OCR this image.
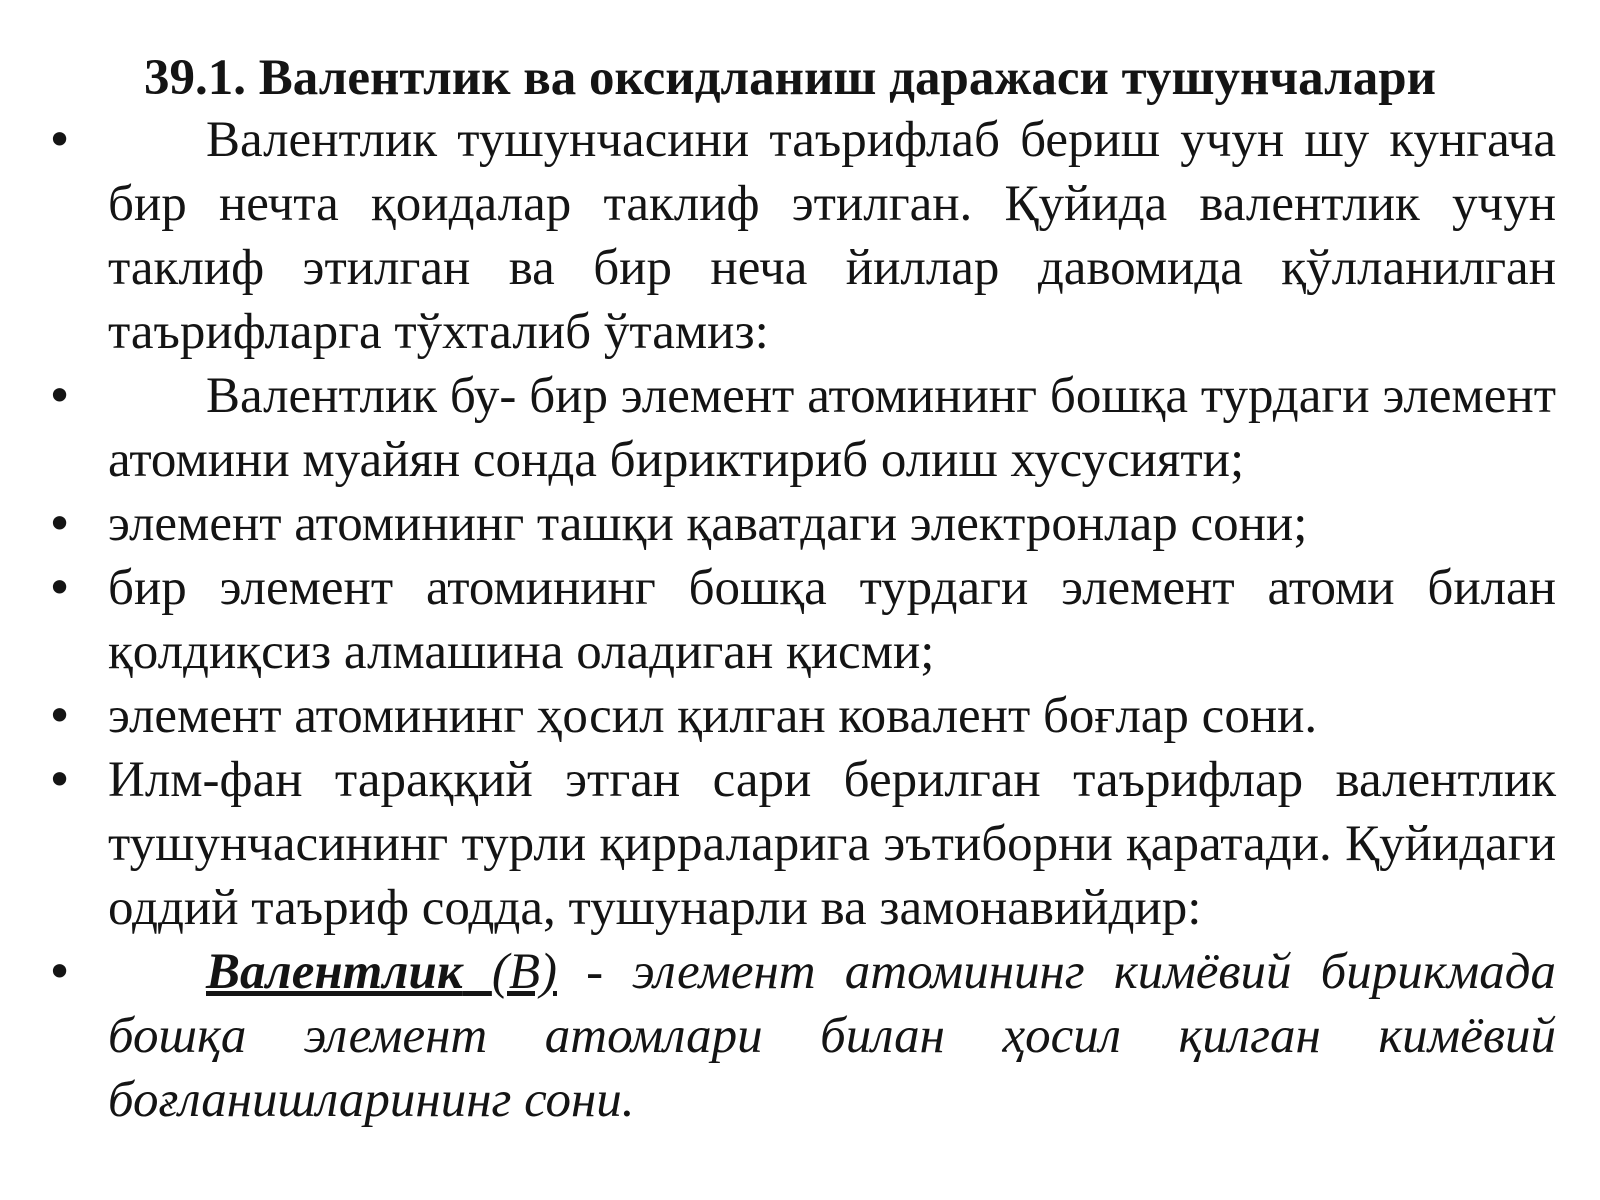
39.1. Валентлик ва оксидланиш даражаси тушунчалари
•	Валентлик тушунчасини таърифлаб бериш учун шу кунгача бир нечта қоидалар таклиф этилган. Қуйида валентлик учун таклиф этилган ва бир неча йиллар давомида қўлланилган таърифларга тўхталиб ўтамиз:
•	Валентлик бу- бир элемент атомининг бошқа турдаги элемент атомини муайян сонда бириктириб олиш хусусияти;
• элемент атомининг ташқи қаватдаги электронлар сони;
• бир элемент атомининг бошқа турдаги элемент атоми билан қолдиқсиз алмашина оладиган қисми;
• элемент атомининг ҳосил қилган ковалент боғлар сони.
• Илм-фан тараққий этган сари берилган таърифлар валентлик тушунчасининг турли қирраларига эътиборни қаратади. Қуйидаги оддий таъриф содда, тушунарли ва замонавийдир:
•	Валентлик (В) - элемент атомининг кимёвий бирикмада бошқа элемент атомлари билан ҳосил қилган кимёвий боғланишларининг сони.
